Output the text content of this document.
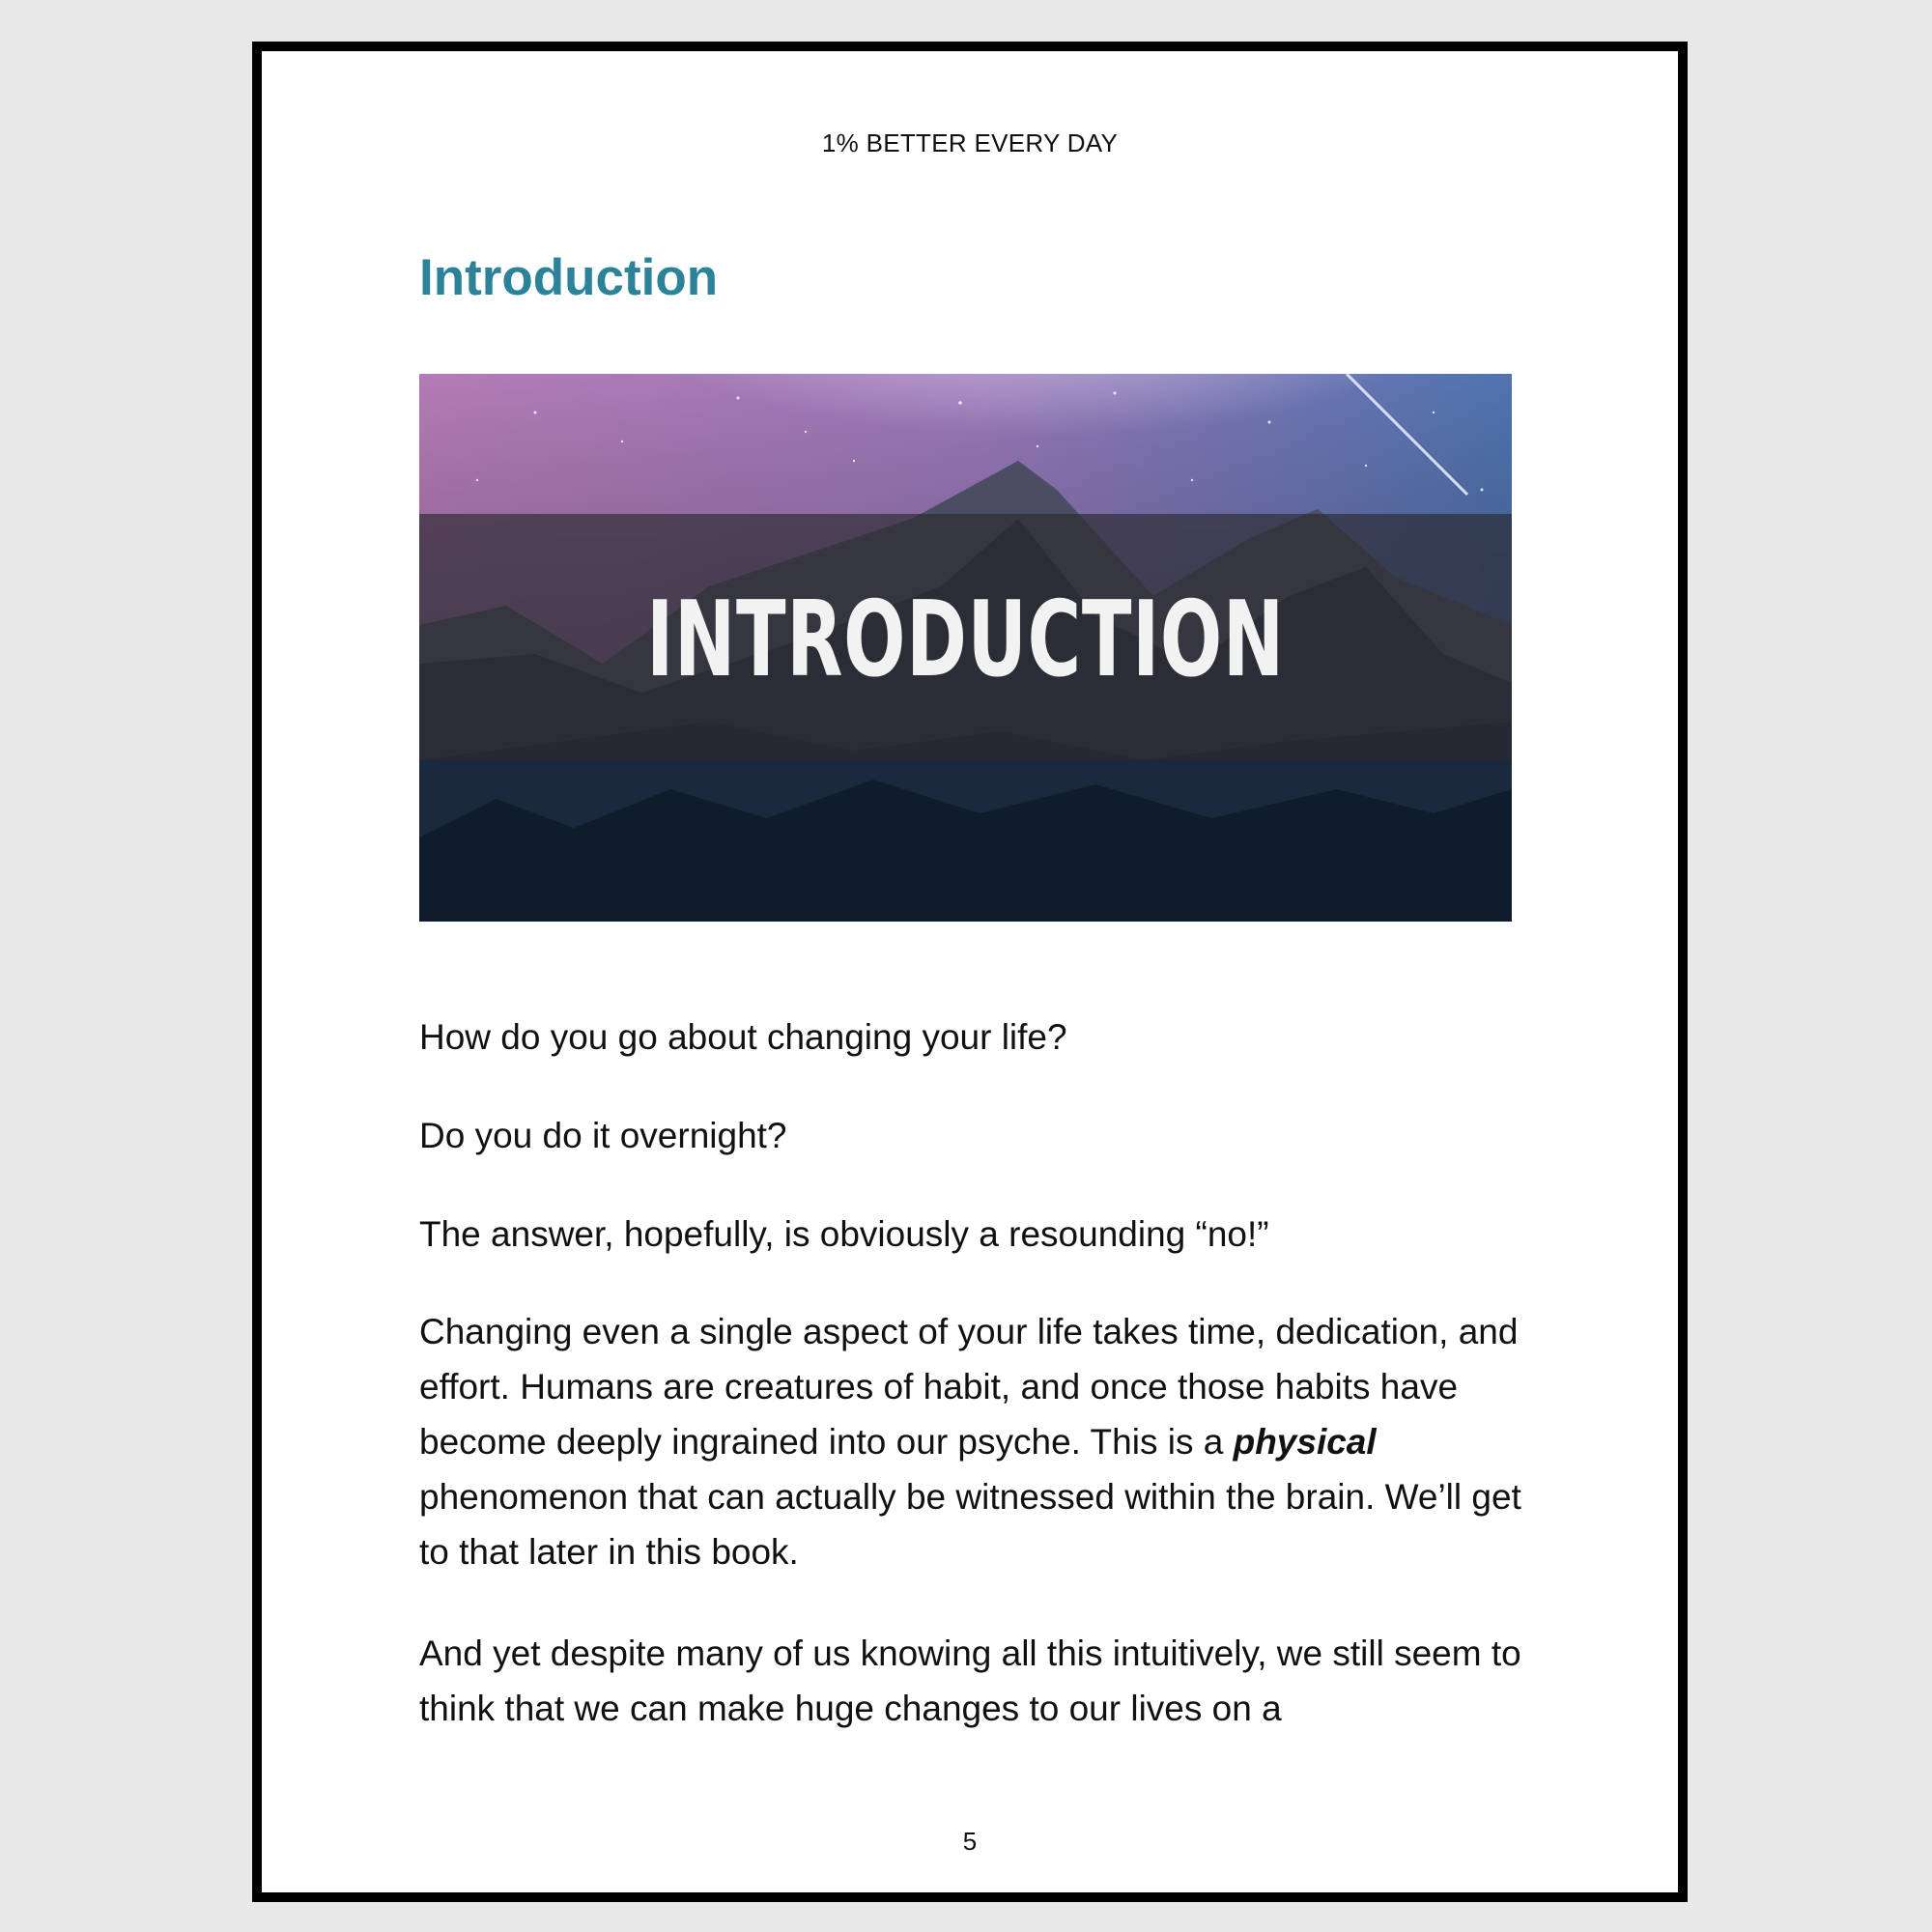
1% BETTER EVERY DAY
Introduction
INTRODUCTION

How do you go about changing your life?

Do you do it overnight?

The answer, hopefully, is obviously a resounding “no!”

Changing even a single aspect of your life takes time, dedication, and effort. Humans are creatures of habit, and once those habits have become deeply ingrained into our psyche. This is a physical phenomenon that can actually be witnessed within the brain. We’ll get to that later in this book.

And yet despite many of us knowing all this intuitively, we still seem to think that we can make huge changes to our lives on a

5
